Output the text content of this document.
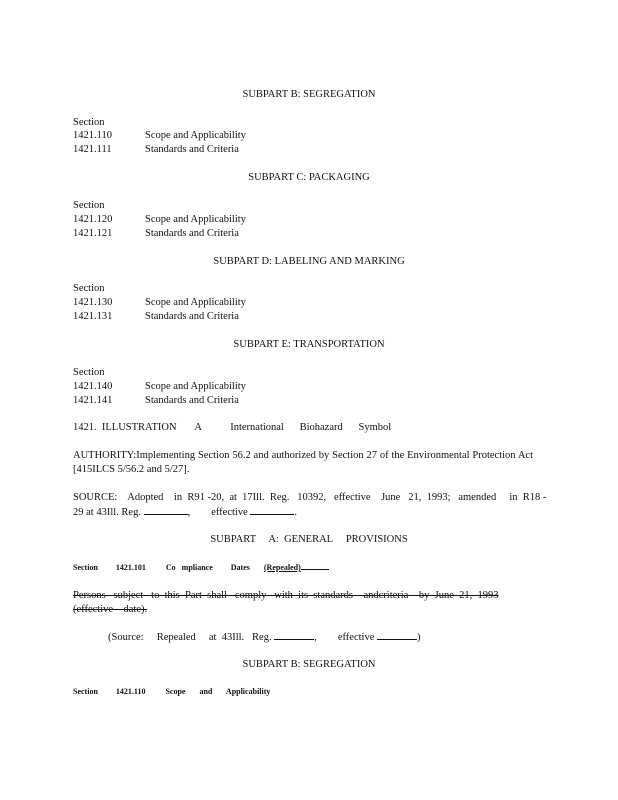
SUBPART B: SEGREGATION
Section
1421.110	Scope and Applicability
1421.111	Standards and Criteria
SUBPART C: PACKAGING
Section
1421.120	Scope and Applicability
1421.121	Standards and Criteria
SUBPART D: LABELING AND MARKING
Section
1421.130	Scope and Applicability
1421.131	Standards and Criteria
SUBPART E: TRANSPORTATION
Section
1421.140	Scope and Applicability
1421.141	Standards and Criteria
1421.  ILLUSTRATION       A           International      Biohazard      Symbol
AUTHORITY:Implementing Section 56.2 and authorized by Section 27 of the Environmental Protection Act [415ILCS 5/56.2 and 5/27].
SOURCE:    Adopted    in  R91 -20,  at  17Ill.  Reg.   10392,   effective    June   21,  1993;   amended     in  R18 -
29 at 43Ill. Reg.	,        effective	.
SUBPART     A:  GENERAL     PROVISIONS
Section 1421.101	Co   mpliance         Dates (Repealed)
Persons   subject   to  this  Part  shall   comply   with  its  standards    andcriteria    by  June  21,  1993
(effective    date).
(Source:     Repealed     at  43Ill.   Reg.	,        effective	)
SUBPART B: SEGREGATION
Section 1421.110	Scope       and       Applicability
